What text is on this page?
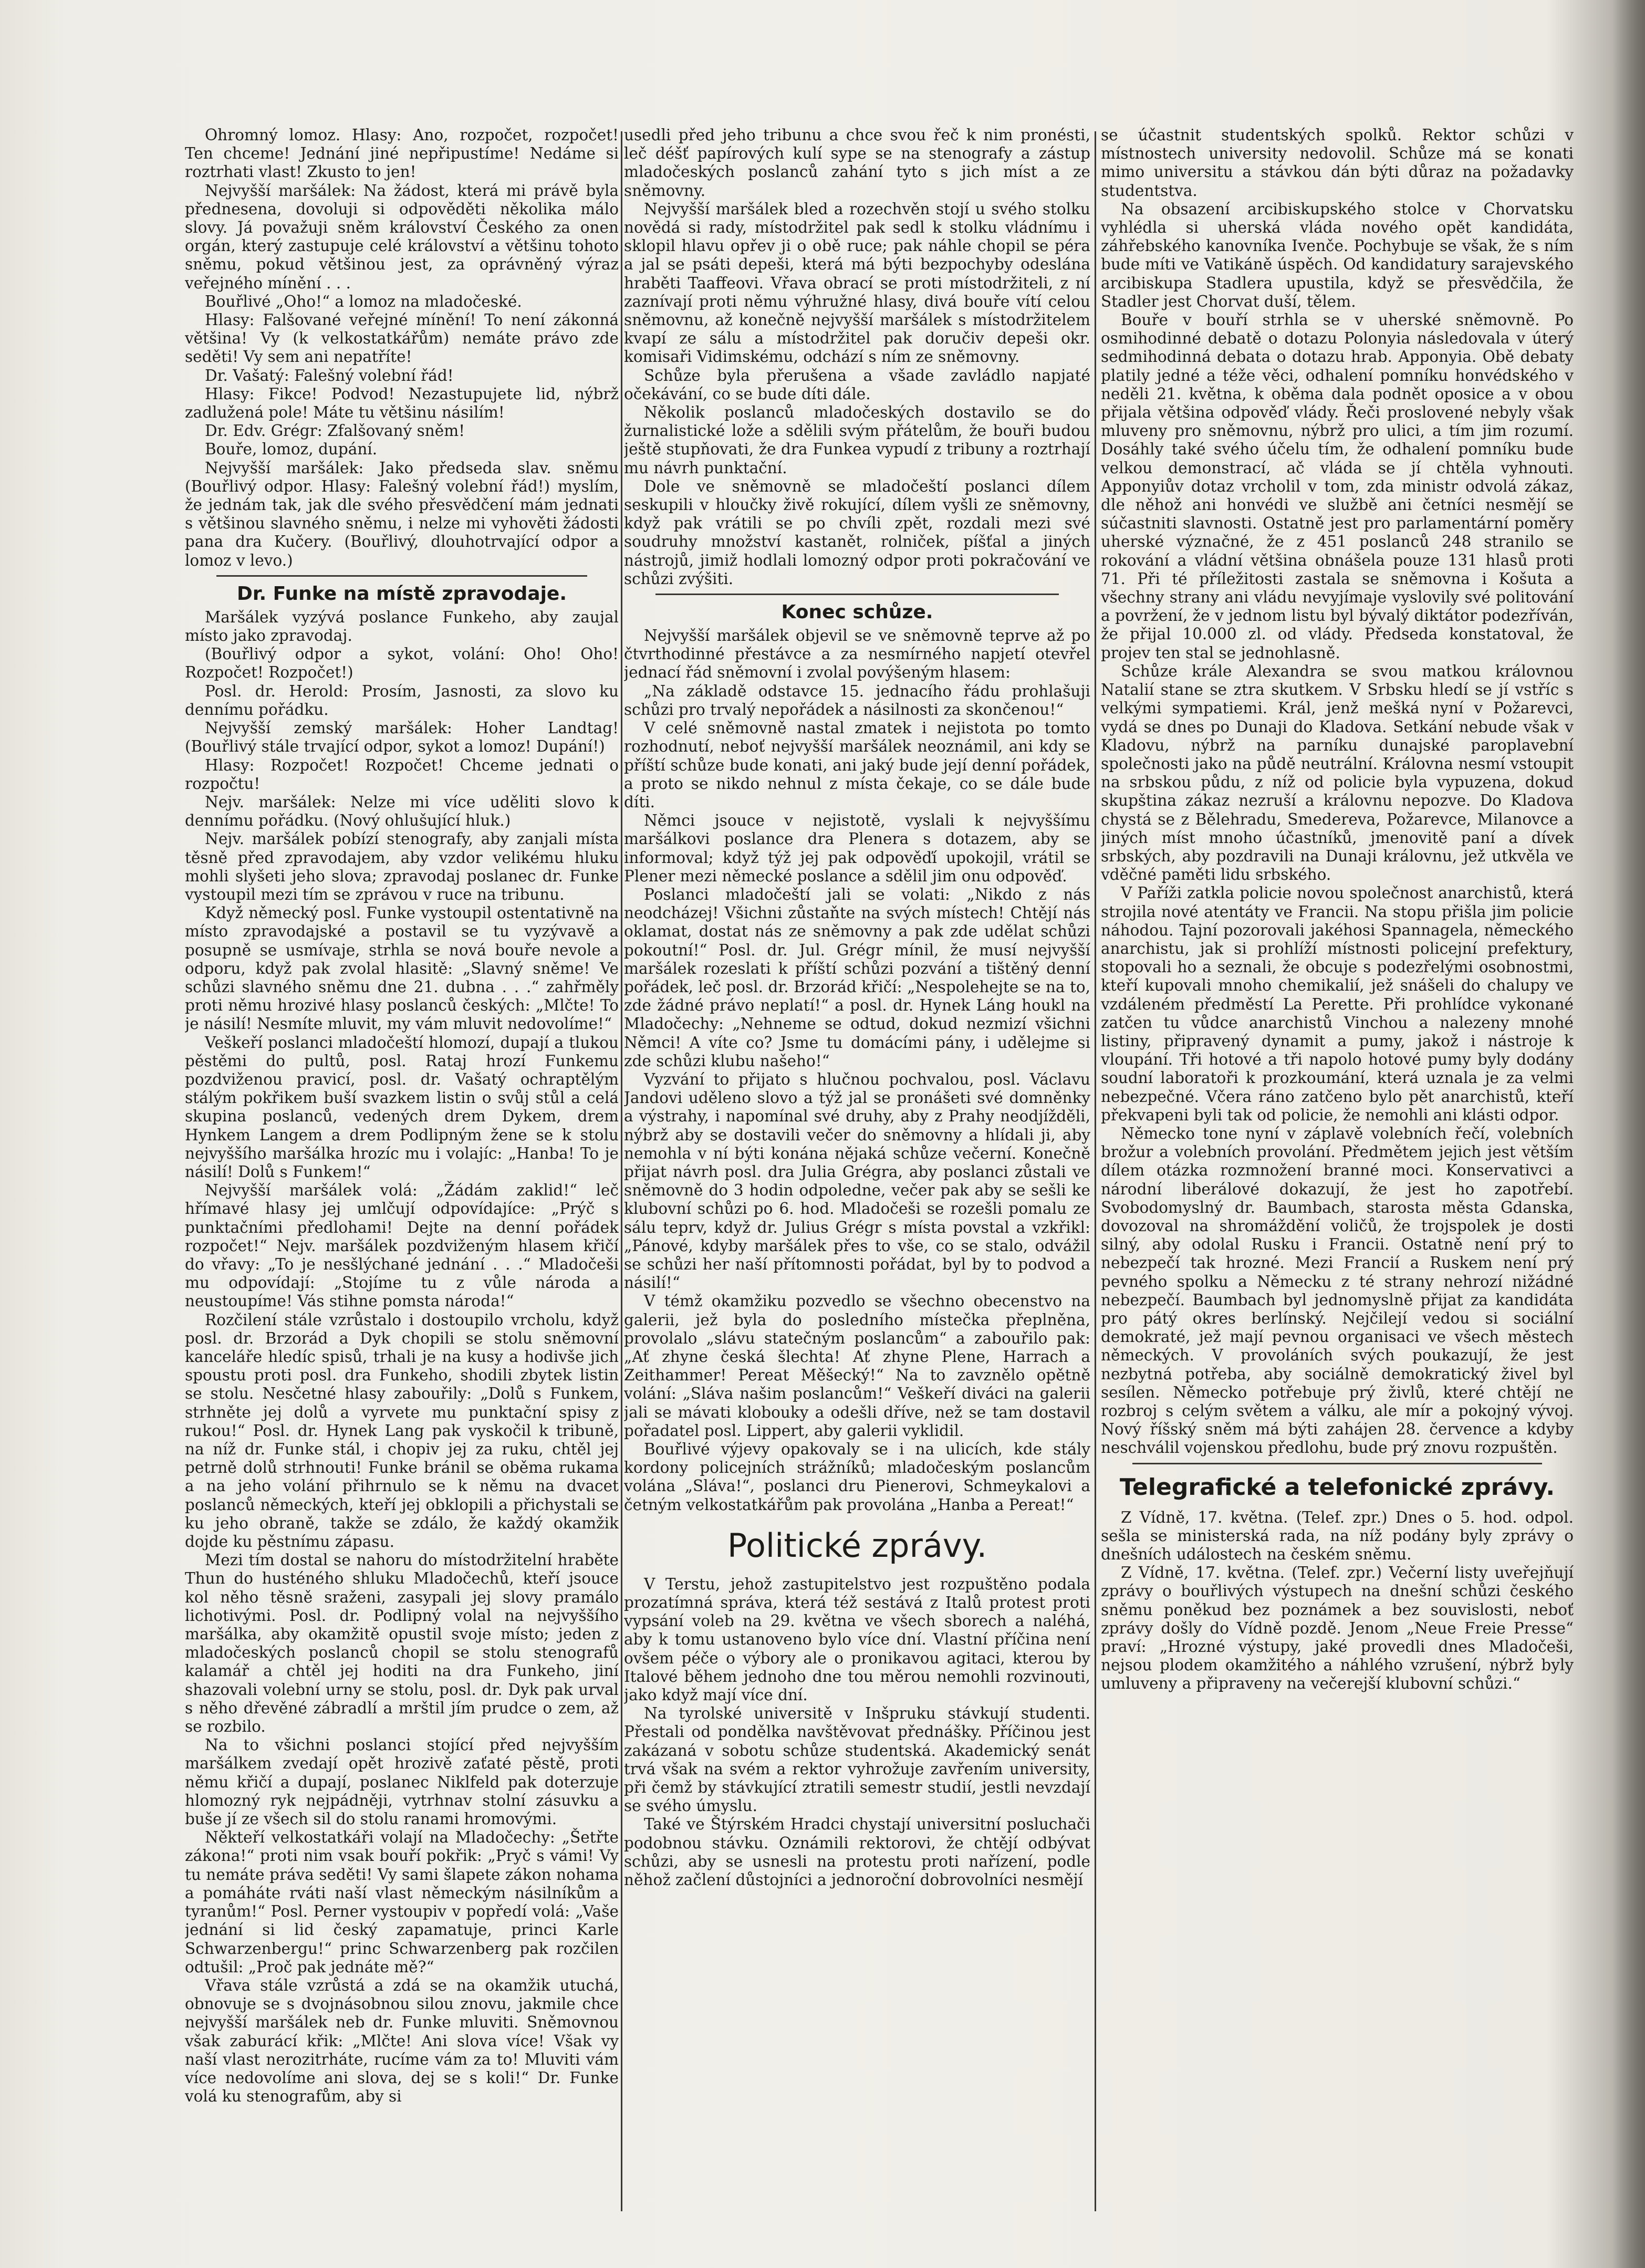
Ohromný lomoz. Hlasy: Ano, rozpočet, rozpočet! Ten chceme! Jednání jiné nepřipustíme! Nedáme si roztrhati vlast! Zkusto to jen!

Nejvyšší maršálek: Na žádost, která mi právě byla přednesena, dovoluji si odpověděti několika málo slovy. Já považuji sněm království Českého za onen orgán, který zastupuje celé království a většinu tohoto sněmu, pokud většinou jest, za oprávněný výraz veřejného mínění . . .

Bouřlivé „Oho!“ a lomoz na mladočeské.

Hlasy: Falšované veřejné mínění! To není zákonná většina! Vy (k velkostatkářům) nemáte právo zde seděti! Vy sem ani nepatříte!

Dr. Vašatý: Falešný volební řád!

Hlasy: Fikce! Podvod! Nezastupujete lid, nýbrž zadlužená pole! Máte tu většinu násilím!

Dr. Edv. Grégr: Zfalšovaný sněm!

Bouře, lomoz, dupání.

Nejvyšší maršálek: Jako předseda slav. sněmu (Bouřlivý odpor. Hlasy: Falešný volební řád!) myslím, že jednám tak, jak dle svého přesvědčení mám jednati s většinou slavného sněmu, i nelze mi vyhověti žádosti pana dra Kučery. (Bouřlivý, dlouhotrvající odpor a lomoz v levo.)

Dr. Funke na místě zpravodaje.

Maršálek vyzývá poslance Funkeho, aby zaujal místo jako zpravodaj.

(Bouřlivý odpor a sykot, volání: Oho! Oho! Rozpočet! Rozpočet!)

Posl. dr. Herold: Prosím, Jasnosti, za slovo ku dennímu pořádku.

Nejvyšší zemský maršálek: Hoher Landtag! (Bouřlivý stále trvající odpor, sykot a lomoz! Dupání!)

Hlasy: Rozpočet! Rozpočet! Chceme jednati o rozpočtu!

Nejv. maršálek: Nelze mi více uděliti slovo k dennímu pořádku. (Nový ohlušující hluk.)

Nejv. maršálek pobízí stenografy, aby zanjali místa těsně před zpravodajem, aby vzdor velikému hluku mohli slyšeti jeho slova; zpravodaj poslanec dr. Funke vystoupil mezi tím se zprávou v ruce na tribunu.

Když německý posl. Funke vystoupil ostentativně na místo zpravodajské a postavil se tu vyzývavě a posupně se usmívaje, strhla se nová bouře nevole a odporu, když pak zvolal hlasitě: „Slavný sněme! Ve schůzi slavného sněmu dne 21. dubna . . .“ zahřměly proti němu hrozivé hlasy poslanců českých: „Mlčte! To je násilí! Nesmíte mluvit, my vám mluvit nedovolíme!“

Veškeří poslanci mladočeští hlomozí, dupají a tlukou pěstěmi do pultů, posl. Rataj hrozí Funkemu pozdviženou pravicí, posl. dr. Vašatý ochraptělým stálým pokřikem buší svazkem listin o svůj stůl a celá skupina poslanců, vedených drem Dykem, drem Hynkem Langem a drem Podlipným žene se k stolu nejvyššího maršálka hrozíc mu i volajíc: „Hanba! To je násilí! Dolů s Funkem!“

Nejvyšší maršálek volá: „Žádám zaklid!“ leč hřímavé hlasy jej umlčují odpovídajíce: „Prýč s punktačními předlohami! Dejte na denní pořádek rozpočet!“ Nejv. maršálek pozdviženým hlasem křičí do vřavy: „To je nesšlýchané jednání . . .“ Mladočeši mu odpovídají: „Stojíme tu z vůle národa a neustoupíme! Vás stihne pomsta národa!“

Rozčilení stále vzrůstalo i dostoupilo vrcholu, když posl. dr. Brzorád a Dyk chopili se stolu sněmovní kanceláře hledíc spisů, trhali je na kusy a hodivše jich spoustu proti posl. dra Funkeho, shodili zbytek listin se stolu. Nesčetné hlasy zabouřily: „Dolů s Funkem, strhněte jej dolů a vyrvete mu punktační spisy z rukou!“ Posl. dr. Hynek Lang pak vyskočil k tribuně, na níž dr. Funke stál, i chopiv jej za ruku, chtěl jej petrně dolů strhnouti! Funke bránil se oběma rukama a na jeho volání přihrnulo se k němu na dvacet poslanců německých, kteří jej obklopili a přichystali se ku jeho obraně, takže se zdálo, že každý okamžik dojde ku pěstnímu zápasu.

Mezi tím dostal se nahoru do místodržitelní hraběte Thun do husténého shluku Mladočechů, kteří jsouce kol něho těsně sraženi, zasypali jej slovy pramálo lichotivými. Posl. dr. Podlipný volal na nejvyššího maršálka, aby okamžitě opustil svoje místo; jeden z mladočeských poslanců chopil se stolu stenografů kalamář a chtěl jej hoditi na dra Funkeho, jiní shazovali volební urny se stolu, posl. dr. Dyk pak urval s něho dřevěné zábradlí a mrštil jím prudce o zem, až se rozbilo.

Na to všichni poslanci stojící před nejvyšším maršálkem zvedají opět hrozivě zaťaté pěstě, proti němu křičí a dupají, poslanec Niklfeld pak doterzuje hlomozný ryk nejpádněji, vytrhnav stolní zásuvku a buše jí ze všech sil do stolu ranami hromovými.

Někteří velkostatkáři volají na Mladočechy: „Šetřte zákona!“ proti nim vsak bouří pokřik: „Pryč s vámi! Vy tu nemáte práva seděti! Vy sami šlapete zákon nohama a pomáháte rváti naší vlast německým násilníkům a tyranům!“ Posl. Perner vystoupiv v popředí volá: „Vaše jednání si lid český zapamatuje, princi Karle Schwarzenbergu!“ princ Schwarzenberg pak rozčilen odtušil: „Proč pak jednáte mě?“

Vřava stále vzrůstá a zdá se na okamžik utuchá, obnovuje se s dvojnásobnou silou znovu, jakmile chce nejvyšší maršálek neb dr. Funke mluviti. Sněmovnou však zaburácí křik: „Mlčte! Ani slova více! Však vy naší vlast nerozitrháte, rucíme vám za to! Mluviti vám více nedovolíme ani slova, dej se s koli!“ Dr. Funke volá ku stenografům, aby si

usedli před jeho tribunu a chce svou řeč k nim pronésti, leč déšť papírových kulí sype se na stenografy a zástup mladočeských poslanců zahání tyto s jich míst a ze sněmovny.

Nejvyšší maršálek bled a rozechvěn stojí u svého stolku novědá si rady, místodržitel pak sedl k stolku vládnímu i sklopil hlavu opřev ji o obě ruce; pak náhle chopil se péra a jal se psáti depeši, která má býti bezpochyby odeslána hraběti Taaffeovi. Vřava obrací se proti místodržiteli, z ní zaznívají proti němu výhružné hlasy, divá bouře vítí celou sněmovnu, až konečně nejvyšší maršálek s místodržitelem kvapí ze sálu a místodržitel pak doručiv depeši okr. komisaři Vidimskému, odchází s ním ze sněmovny.

Schůze byla přerušena a všade zavládlo napjaté očekávání, co se bude díti dále.

Několik poslanců mladočeských dostavilo se do žurnalistické lože a sdělili svým přátelům, že bouři budou ještě stupňovati, že dra Funkea vypudí z tribuny a roztrhají mu návrh punktační.

Dole ve sněmovně se mladočeští poslanci dílem seskupili v hloučky živě rokující, dílem vyšli ze sněmovny, když pak vrátili se po chvíli zpět, rozdali mezi své soudruhy množství kastanět, rolniček, píšťal a jiných nástrojů, jimiž hodlali lomozný odpor proti pokračování ve schůzi zvýšiti.

Konec schůze.

Nejvyšší maršálek objevil se ve sněmovně teprve až po čtvrthodinné přestávce a za nesmírného napjetí otevřel jednací řád sněmovní i zvolal povýšeným hlasem:

„Na základě odstavce 15. jednacího řádu prohlašuji schůzi pro trvalý nepořádek a násilnosti za skončenou!“

V celé sněmovně nastal zmatek i nejistota po tomto rozhodnutí, neboť nejvyšší maršálek neoznámil, ani kdy se příští schůze bude konati, ani jaký bude její denní pořádek, a proto se nikdo nehnul z místa čekaje, co se dále bude díti.

Němci jsouce v nejistotě, vyslali k nejvyššímu maršálkovi poslance dra Plenera s dotazem, aby se informoval; když týž jej pak odpověďí upokojil, vrátil se Plener mezi německé poslance a sdělil jim onu odpověď.

Poslanci mladočeští jali se volati: „Nikdo z nás neodcházej! Všichni zůstaňte na svých místech! Chtějí nás oklamat, dostat nás ze sněmovny a pak zde udělat schůzi pokoutní!“ Posl. dr. Jul. Grégr mínil, že musí nejvyšší maršálek rozeslati k příští schůzi pozvání a tištěný denní pořádek, leč posl. dr. Brzorád křičí: „Nespolehejte se na to, zde žádné právo neplatí!“ a posl. dr. Hynek Láng houkl na Mladočechy: „Nehneme se odtud, dokud nezmizí všichni Němci! A víte co? Jsme tu domácími pány, i udělejme si zde schůzi klubu našeho!“

Vyzvání to přijato s hlučnou pochvalou, posl. Václavu Jandovi uděleno slovo a týž jal se pronášeti své domněnky a výstrahy, i napomínal své druhy, aby z Prahy neodjížděli, nýbrž aby se dostavili večer do sněmovny a hlídali ji, aby nemohla v ní býti konána nějaká schůze večerní. Konečně přijat návrh posl. dra Julia Grégra, aby poslanci zůstali ve sněmovně do 3 hodin odpoledne, večer pak aby se sešli ke klubovní schůzi po 6. hod. Mladočeši se rozešli pomalu ze sálu teprv, když dr. Julius Grégr s místa povstal a vzkřikl: „Pánové, kdyby maršálek přes to vše, co se stalo, odvážil se schůzi her naší přítomnosti pořádat, byl by to podvod a násilí!“

V témž okamžiku pozvedlo se všechno obecenstvo na galerii, jež byla do posledního místečka přeplněna, provolalo „slávu statečným poslancům“ a zabouřilo pak: „Ať zhyne česká šlechta! Ať zhyne Plene, Harrach a Zeithammer! Pereat Měšecký!“ Na to zavznělo opětně volání: „Sláva našim poslancům!“ Veškeří diváci na galerii jali se mávati klobouky a odešli dříve, než se tam dostavil pořadatel posl. Lippert, aby galerii vyklidil.

Bouřlivé výjevy opakovaly se i na ulicích, kde stály kordony policejních strážníků; mladočeským poslancům volána „Sláva!“, poslanci dru Pienerovi, Schmeykalovi a četným velkostatkářům pak provolána „Hanba a Pereat!“

Politické zprávy.

V Terstu, jehož zastupitelstvo jest rozpuštěno podala prozatímná správa, která též sestává z Italů protest proti vypsání voleb na 29. května ve všech sborech a naléhá, aby k tomu ustanoveno bylo více dní. Vlastní příčina není ovšem péče o výbory ale o pronikavou agitaci, kterou by Italové během jednoho dne tou měrou nemohli rozvinouti, jako když mají více dní.

Na tyrolské universitě v Inšpruku stávkují studenti. Přestali od pondělka navštěvovat přednášky. Příčinou jest zakázaná v sobotu schůze studentská. Akademický senát trvá však na svém a rektor vyhrožuje zavřením university, při čemž by stávkující ztratili semestr studií, jestli nevzdají se svého úmyslu.

Také ve Štýrském Hradci chystají universitní posluchači podobnou stávku. Oznámili rektorovi, že chtějí odbývat schůzi, aby se usnesli na protestu proti nařízení, podle něhož začlení důstojníci a jednoroční dobrovolníci nesmějí

se účastnit studentských spolků. Rektor schůzi v místnostech university nedovolil. Schůze má se konati mimo universitu a stávkou dán býti důraz na požadavky studentstva.

Na obsazení arcibiskupského stolce v Chorvatsku vyhlédla si uherská vláda nového opět kandidáta, záhřebského kanovníka Ivenče. Pochybuje se však, že s ním bude míti ve Vatikáně úspěch. Od kandidatury sarajevského arcibiskupa Stadlera upustila, když se přesvědčila, že Stadler jest Chorvat duší, tělem.

Bouře v bouří strhla se v uherské sněmovně. Po osmihodinné debatě o dotazu Polonyia následovala v úterý sedmihodinná debata o dotazu hrab. Apponyia. Obě debaty platily jedné a téže věci, odhalení pomníku honvédského v neděli 21. května, k oběma dala podnět oposice a v obou přijala většina odpověď vlády. Řeči proslovené nebyly však mluveny pro sněmovnu, nýbrž pro ulici, a tím jim rozumí. Dosáhly také svého účelu tím, že odhalení pomníku bude velkou demonstrací, ač vláda se jí chtěla vyhnouti. Apponyiův dotaz vrcholil v tom, zda ministr odvolá zákaz, dle něhož ani honvédi ve službě ani četníci nesmějí se súčastniti slavnosti. Ostatně jest pro parlamentární poměry uherské význačné, že z 451 poslanců 248 stranilo se rokování a vládní většina obnášela pouze 131 hlasů proti 71. Při té příležitosti zastala se sněmovna i Košuta a všechny strany ani vládu nevyjímaje vyslovily své politování a povržení, že v jednom listu byl bývalý diktátor podezříván, že přijal 10.000 zl. od vlády. Předseda konstatoval, že projev ten stal se jednohlasně.

Schůze krále Alexandra se svou matkou královnou Natalií stane se ztra skutkem. V Srbsku hledí se jí vstříc s velkými sympatiemi. Král, jenž mešká nyní v Požarevci, vydá se dnes po Dunaji do Kladova. Setkání nebude však v Kladovu, nýbrž na parníku dunajské paroplavební společnosti jako na půdě neutrální. Královna nesmí vstoupit na srbskou půdu, z níž od policie byla vypuzena, dokud skupština zákaz nezruší a královnu nepozve. Do Kladova chystá se z Bělehradu, Smedereva, Požarevce, Milanovce a jiných míst mnoho účastníků, jmenovitě paní a dívek srbských, aby pozdravili na Dunaji královnu, jež utkvěla ve vděčné paměti lidu srbského.

V Paříži zatkla policie novou společnost anarchistů, která strojila nové atentáty ve Francii. Na stopu přišla jim policie náhodou. Tajní pozorovali jakéhosi Spannagela, německého anarchistu, jak si prohlíží místnosti policejní prefektury, stopovali ho a seznali, že obcuje s podezřelými osobnostmi, kteří kupovali mnoho chemikalií, jež snášeli do chalupy ve vzdáleném předměstí La Perette. Při prohlídce vykonané zatčen tu vůdce anarchistů Vinchou a nalezeny mnohé listiny, připravený dynamit a pumy, jakož i nástroje k vloupání. Tři hotové a tři napolo hotové pumy byly dodány soudní laboratoři k prozkoumání, která uznala je za velmi nebezpečné. Včera ráno zatčeno bylo pět anarchistů, kteří překvapeni byli tak od policie, že nemohli ani klásti odpor.

Německo tone nyní v záplavě volebních řečí, volebních brožur a volebních provolání. Předmětem jejich jest větším dílem otázka rozmnožení branné moci. Konservativci a národní liberálové dokazují, že jest ho zapotřebí. Svobodomyslný dr. Baumbach, starosta města Gdanska, dovozoval na shromáždění voličů, že trojspolek je dosti silný, aby odolal Rusku i Francii. Ostatně není prý to nebezpečí tak hrozné. Mezi Francií a Ruskem není prý pevného spolku a Německu z té strany nehrozí nižádné nebezpečí. Baumbach byl jednomyslně přijat za kandidáta pro pátý okres berlínský. Nejčilejí vedou si sociální demokraté, jež mají pevnou organisaci ve všech městech německých. V provoláních svých poukazují, že jest nezbytná potřeba, aby sociálně demokratický živel byl sesílen. Německo potřebuje prý živlů, které chtějí ne rozbroj s celým světem a válku, ale mír a pokojný vývoj. Nový říšský sněm má býti zahájen 28. července a kdyby neschválil vojenskou předlohu, bude prý znovu rozpuštěn.

Telegrafické a telefonické zprávy.

Z Vídně, 17. května. (Telef. zpr.) Dnes o 5. hod. odpol. sešla se ministerská rada, na níž podány byly zprávy o dnešních událostech na českém sněmu.

Z Vídně, 17. května. (Telef. zpr.) Večerní listy uveřejňují zprávy o bouřlivých výstupech na dnešní schůzi českého sněmu poněkud bez poznámek a bez souvislosti, neboť zprávy došly do Vídně pozdě. Jenom „Neue Freie Presse“ praví: „Hrozné výstupy, jaké provedli dnes Mladočeši, nejsou plodem okamžitého a náhlého vzrušení, nýbrž byly umluveny a připraveny na večerejší klubovní schůzi.“
